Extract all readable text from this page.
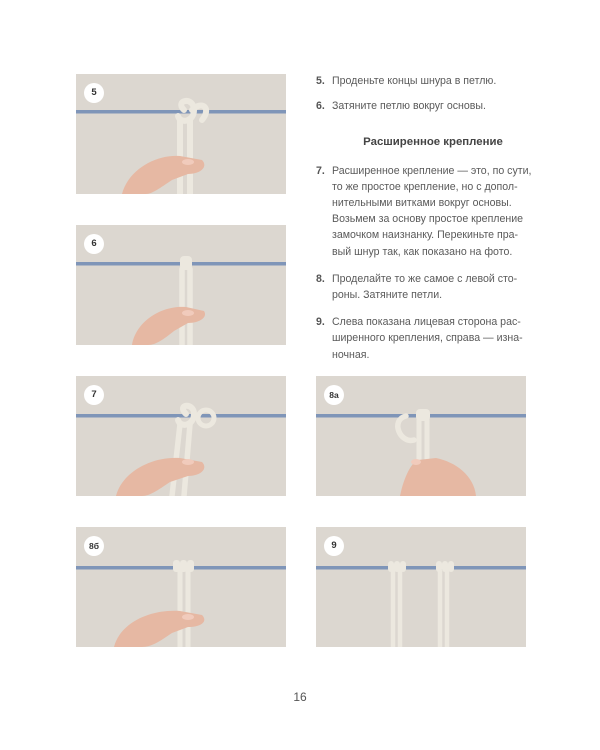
5
6
7	8а
8б	9
5. Проденьте концы шнура в петлю.
6. Затяните петлю вокруг основы.
Расширенное крепление
7. Расширенное крепление — это, по сути,
то же простое крепление, но с допол-
нительными витками вокруг основы.
Возьмем за основу простое крепление
замочком наизнанку. Перекиньте пра-
вый шнур так, как показано на фото.
8. Проделайте то же самое с левой сто-
роны. Затяните петли.
9. Слева показана лицевая сторона рас-
ширенного крепления, справа — изна-
ночная.
16
